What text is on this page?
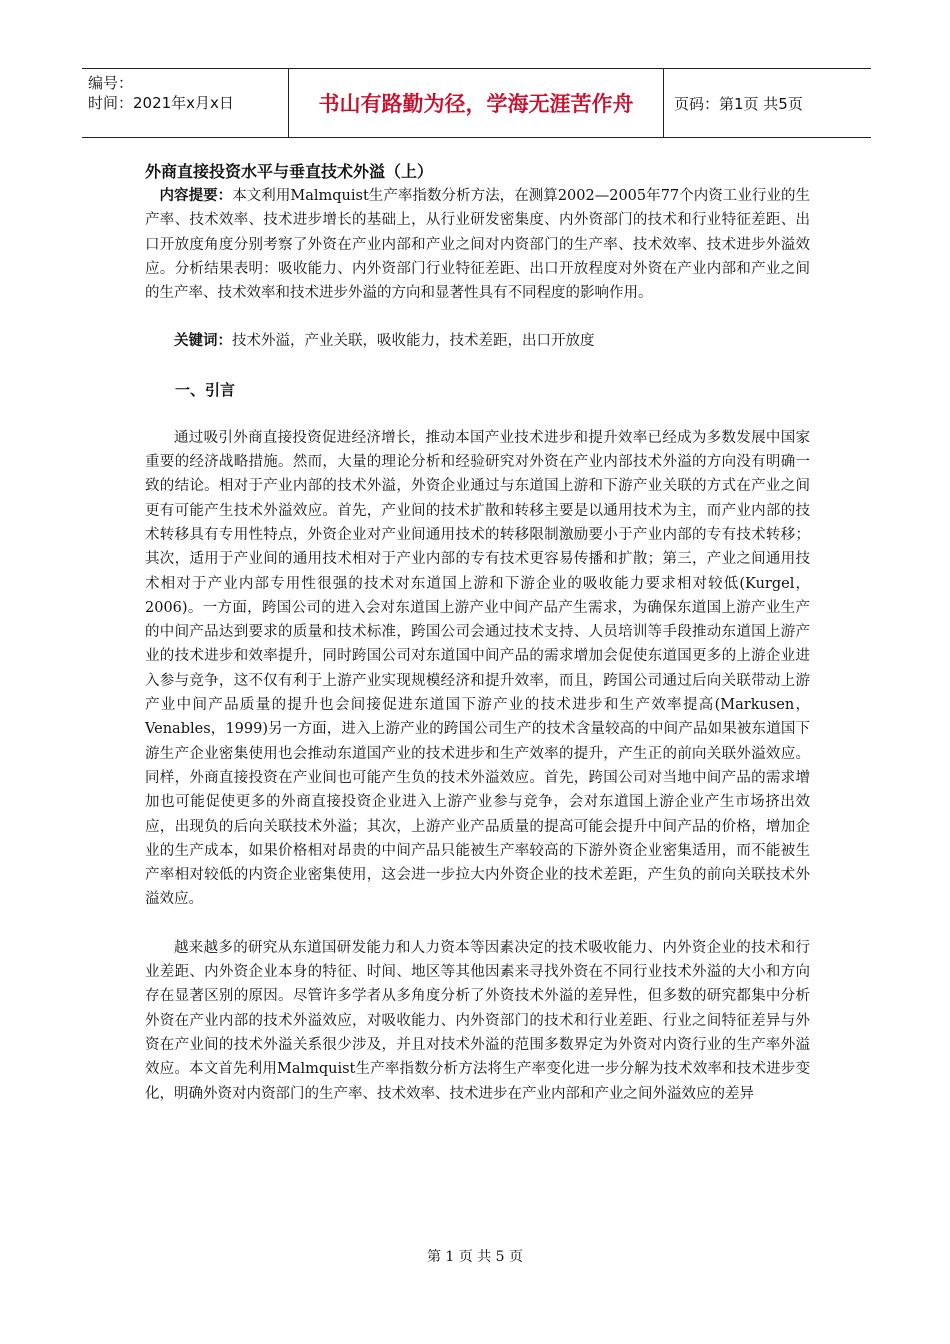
编号：
时间：2021年x月x日	书山有路勤为径，学海无涯苦作舟	页码：第1页 共5页
外商直接投资水平与垂直技术外溢（上）

内容提要：本文利用Malmquist生产率指数分析方法，在测算2002—2005年77个内资工业行业的生产率、技术效率、技术进步增长的基础上，从行业研发密集度、内外资部门的技术和行业特征差距、出口开放度角度分别考察了外资在产业内部和产业之间对内资部门的生产率、技术效率、技术进步外溢效应。分析结果表明：吸收能力、内外资部门行业特征差距、出口开放程度对外资在产业内部和产业之间的生产率、技术效率和技术进步外溢的方向和显著性具有不同程度的影响作用。

关键词：技术外溢，产业关联，吸收能力，技术差距，出口开放度

一、引言

通过吸引外商直接投资促进经济增长，推动本国产业技术进步和提升效率已经成为多数发展中国家重要的经济战略措施。然而，大量的理论分析和经验研究对外资在产业内部技术外溢的方向没有明确一致的结论。相对于产业内部的技术外溢，外资企业通过与东道国上游和下游产业关联的方式在产业之间更有可能产生技术外溢效应。首先，产业间的技术扩散和转移主要是以通用技术为主，而产业内部的技术转移具有专用性特点，外资企业对产业间通用技术的转移限制激励要小于产业内部的专有技术转移；其次，适用于产业间的通用技术相对于产业内部的专有技术更容易传播和扩散；第三，产业之间通用技术相对于产业内部专用性很强的技术对东道国上游和下游企业的吸收能力要求相对较低(Kurgel，2006)。一方面，跨国公司的进入会对东道国上游产业中间产品产生需求，为确保东道国上游产业生产的中间产品达到要求的质量和技术标准，跨国公司会通过技术支持、人员培训等手段推动东道国上游产业的技术进步和效率提升，同时跨国公司对东道国中间产品的需求增加会促使东道国更多的上游企业进入参与竞争，这不仅有利于上游产业实现规模经济和提升效率，而且，跨国公司通过后向关联带动上游产业中间产品质量的提升也会间接促进东道国下游产业的技术进步和生产效率提高(Markusen，Venables，1999)另一方面，进入上游产业的跨国公司生产的技术含量较高的中间产品如果被东道国下游生产企业密集使用也会推动东道国产业的技术进步和生产效率的提升，产生正的前向关联外溢效应。同样，外商直接投资在产业间也可能产生负的技术外溢效应。首先，跨国公司对当地中间产品的需求增加也可能促使更多的外商直接投资企业进入上游产业参与竞争，会对东道国上游企业产生市场挤出效应，出现负的后向关联技术外溢；其次，上游产业产品质量的提高可能会提升中间产品的价格，增加企业的生产成本，如果价格相对昂贵的中间产品只能被生产率较高的下游外资企业密集适用，而不能被生产率相对较低的内资企业密集使用，这会进一步拉大内外资企业的技术差距，产生负的前向关联技术外溢效应。

越来越多的研究从东道国研发能力和人力资本等因素决定的技术吸收能力、内外资企业的技术和行业差距、内外资企业本身的特征、时间、地区等其他因素来寻找外资在不同行业技术外溢的大小和方向存在显著区别的原因。尽管许多学者从多角度分析了外资技术外溢的差异性，但多数的研究都集中分析外资在产业内部的技术外溢效应，对吸收能力、内外资部门的技术和行业差距、行业之间特征差异与外资在产业间的技术外溢关系很少涉及，并且对技术外溢的范围多数界定为外资对内资行业的生产率外溢效应。本文首先利用Malmquist生产率指数分析方法将生产率变化进一步分解为技术效率和技术进步变化，明确外资对内资部门的生产率、技术效率、技术进步在产业内部和产业之间外溢效应的差异

第 1 页 共 5 页
